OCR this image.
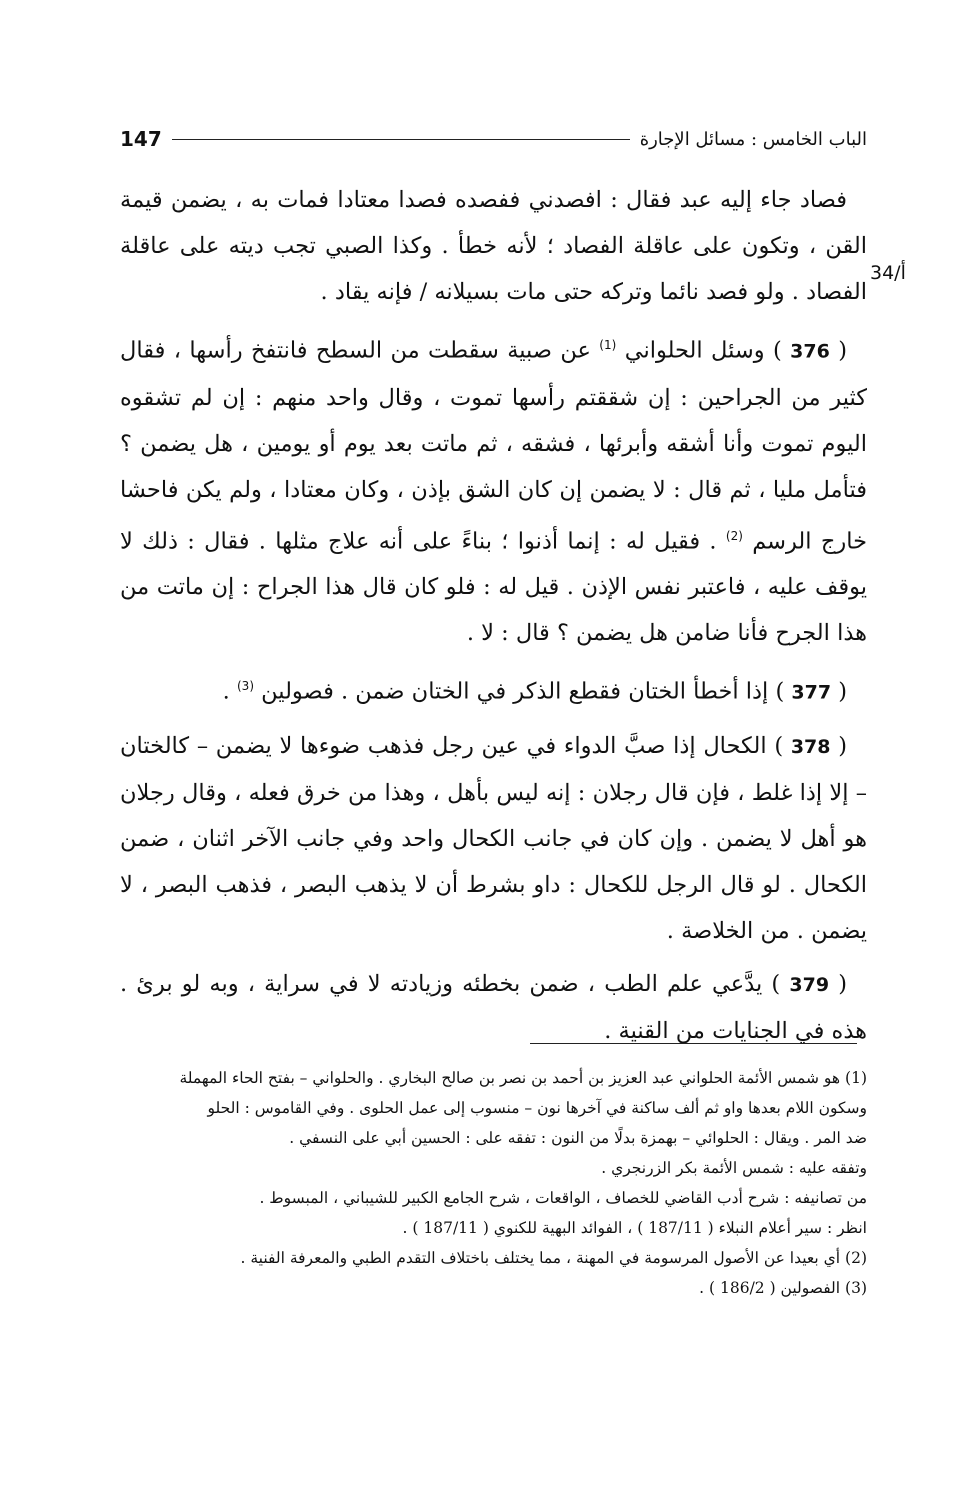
الباب الخامس : مسائل الإجارة
147
34/أ

فصاد جاء إليه عبد فقال : افصدني ففصده فصدا معتادا فمات به ، يضمن قيمة القن ، وتكون على عاقلة الفصاد ؛ لأنه خطأ . وكذا الصبي تجب ديته على عاقلة الفصاد . ولو فصد نائما وتركه حتى مات بسيلانه / فإنه يقاد .

( 376 ) وسئل الحلواني $^{(1)}$ عن صبية سقطت من السطح فانتفخ رأسها ، فقال كثير من الجراحين : إن شققتم رأسها تموت ، وقال واحد منهم : إن لم تشقوه اليوم تموت وأنا أشقه وأبرئها ، فشقه ، ثم ماتت بعد يوم أو يومين ، هل يضمن ؟ فتأمل مليا ، ثم قال : لا يضمن إن كان الشق بإذن ، وكان معتادا ، ولم يكن فاحشا خارج الرسم $^{(2)}$ . فقيل له : إنما أذنوا ؛ بناءً على أنه علاج مثلها . فقال : ذلك لا يوقف عليه ، فاعتبر نفس الإذن . قيل له : فلو كان قال هذا الجراح : إن ماتت من هذا الجرح فأنا ضامن هل يضمن ؟ قال : لا .

( 377 ) إذا أخطأ الختان فقطع الذكر في الختان ضمن . فصولين $^{(3)}$ .

( 378 ) الكحال إذا صبَّ الدواء في عين رجل فذهب ضوءها لا يضمن – كالختان – إلا إذا غلط ، فإن قال رجلان : إنه ليس بأهل ، وهذا من خرق فعله ، وقال رجلان هو أهل لا يضمن . وإن كان في جانب الكحال واحد وفي جانب الآخر اثنان ، ضمن الكحال . لو قال الرجل للكحال : داو بشرط أن لا يذهب البصر ، فذهب البصر ، لا يضمن . من الخلاصة .

( 379 ) يدَّعي علم الطب ، ضمن بخطئه وزيادته لا في سراية ، وبه لو برئ . هذه في الجنايات من القنية .

(1) هو شمس الأئمة الحلواني عبد العزيز بن أحمد بن نصر بن صالح البخاري . والحلواني – بفتح الحاء المهملة
وسكون اللام بعدها واو ثم ألف ساكنة في آخرها نون – منسوب إلى عمل الحلوى . وفي القاموس : الحلو
ضد المر . ويقال : الحلوائي – بهمزة بدلًا من النون : تفقه على : الحسين أبي على النسفي .
وتفقه عليه : شمس الأئمة بكر الزرنجري .
من تصانيفه : شرح أدب القاضي للخصاف ، الواقعات ، شرح الجامع الكبير للشيباني ، المبسوط .
انظر : سير أعلام النبلاء ( 187/11 ) ، الفوائد البهية للكنوي ( 187/11 ) .
(2) أي بعيدا عن الأصول المرسومة في المهنة ، مما يختلف باختلاف التقدم الطبي والمعرفة الفنية .
(3) الفصولين ( 186/2 ) .
